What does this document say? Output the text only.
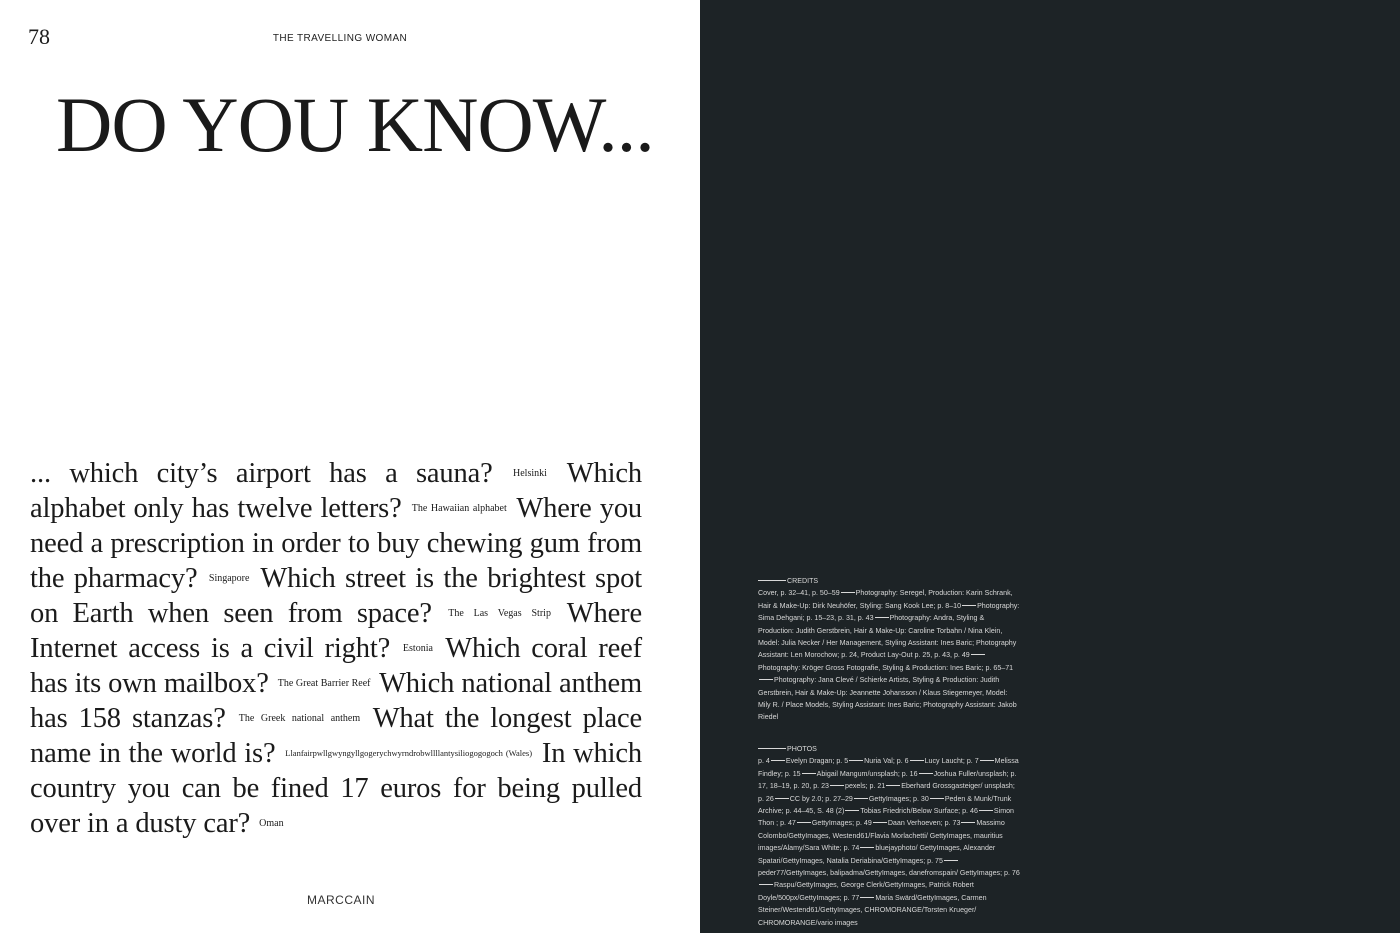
78	THE TRAVELLING WOMAN
DO YOU KNOW...

... which city’s airport has a sauna? $^{Helsinki}$ Which alphabet only has twelve letters? $^{The Hawaiian alphabet}$ Where you need a prescription in order to buy chewing gum from the pharmacy? $^{Singapore}$ Which street is the brightest spot on Earth when seen from space? $^{The Las Vegas Strip}$ Where Internet access is a civil right? $^{Estonia}$ Which coral reef has its own mailbox? $^{The Great Barrier Reef}$ Which national anthem has 158 stanzas? $^{The Greek national anthem}$ What the longest place name in the world is? $^{Llanfairpwllgwyngyllgogerychwyrndrobwllllantysiliogogogoch (Wales)}$ In which country you can be fined 17 euros for being pulled over in a dusty car? $^{Oman}$

MARCCAIN

CREDITS
Cover, p. 32–41, p. 50–59 Photography: Seregel, Production: Karin Schrank, Hair & Make-Up: Dirk Neuhöfer, Styling: Sang Kook Lee; p. 8–10 Photography: Sima Dehgani; p. 15–23, p. 31, p. 43 Photography: Andra, Styling & Production: Judith Gerstbrein, Hair & Make-Up: Caroline Torbahn / Nina Klein, Model: Julia Necker / Her Management, Styling Assistant: Ines Baric; Photography Assistant: Len Morochow; p. 24, Product Lay-Out p. 25, p. 43, p. 49Photography: Kröger Gross Fotografie, Styling & Production: Ines Baric; p. 65–71Photography: Jana Clevé / Schierke Artists, Styling & Production: Judith Gerstbrein, Hair & Make-Up: Jeannette Johansson / Klaus Stiegemeyer, Model: Mily R. / Place Models, Styling Assistant: Ines Baric; Photography Assistant: Jakob Riedel

PHOTOS
p. 4 Evelyn Dragan; p. 5 Nuria Val; p. 6 Lucy Laucht; p. 7 Melissa Findley; p. 15 Abigail Mangum/unsplash; p. 16 Joshua Fuller/unsplash; p. 17, 18–19, p. 20, p. 23 pexels; p. 21 Eberhard Grossgasteiger/ unsplash; p. 26 CC by 2.0; p. 27–29 GettyImages; p. 30 Peden & Munk/Trunk Archive; p. 44–45, S. 48 (2) Tobias Friedrich/Below Surface; p. 46 Simon Thon ; p. 47 GettyImages; p. 49 Daan Verhoeven; p. 73 Massimo Colombo/GettyImages, Westend61/Flavia Morlachetti/ GettyImages, mauritius images/Alamy/Sara White; p. 74 bluejayphoto/ GettyImages, Alexander Spatari/GettyImages, Natalia Deriabina/GettyImages; p. 75peder77/GettyImages, balipadma/GettyImages, danefromspain/ GettyImages; p. 76Raspu/GettyImages, George Clerk/GettyImages, Patrick Robert Doyle/500px/GettyImages; p. 77 Maria Swärd/GettyImages, Carmen Steiner/Westend61/GettyImages, CHROMORANGE/Torsten Krueger/ CHROMORANGE/vario images
